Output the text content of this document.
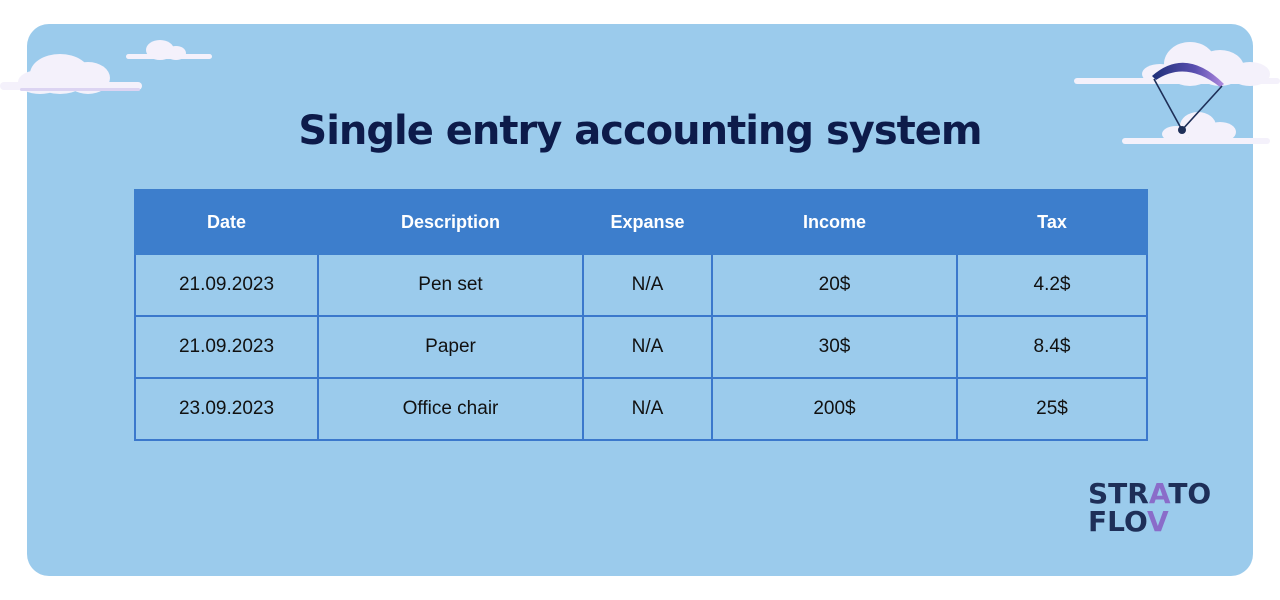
Single entry accounting system
Date	Description	Expanse	Income	Tax
21.09.2023	Pen set	N/A	20$	4.2$
21.09.2023	Paper	N/A	30$	8.4$
23.09.2023	Office chair	N/A	200$	25$
STRATO
FLOV
